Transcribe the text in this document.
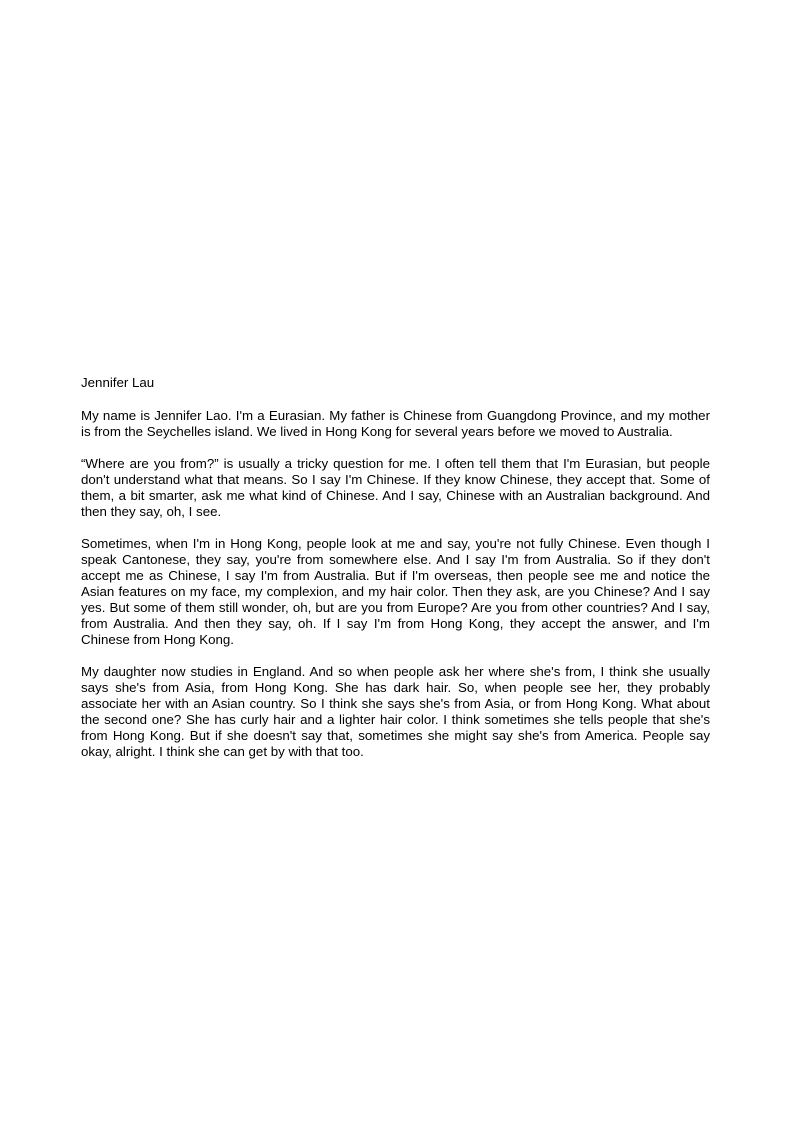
Jennifer Lau

My name is Jennifer Lao. I'm a Eurasian. My father is Chinese from Guangdong Province, and my mother is from the Seychelles island. We lived in Hong Kong for several years before we moved to Australia.

“Where are you from?” is usually a tricky question for me. I often tell them that I'm Eurasian, but people don't understand what that means. So I say I'm Chinese. If they know Chinese, they accept that. Some of them, a bit smarter, ask me what kind of Chinese. And I say, Chinese with an Australian background. And then they say, oh, I see.

Sometimes, when I'm in Hong Kong, people look at me and say, you're not fully Chinese. Even though I speak Cantonese, they say, you're from somewhere else. And I say I'm from Australia. So if they don't accept me as Chinese, I say I'm from Australia. But if I'm overseas, then people see me and notice the Asian features on my face, my complexion, and my hair color. Then they ask, are you Chinese? And I say yes. But some of them still wonder, oh, but are you from Europe? Are you from other countries? And I say, from Australia. And then they say, oh. If I say I'm from Hong Kong, they accept the answer, and I'm Chinese from Hong Kong.

My daughter now studies in England. And so when people ask her where she's from, I think she usually says she's from Asia, from Hong Kong. She has dark hair. So, when people see her, they probably associate her with an Asian country. So I think she says she's from Asia, or from Hong Kong. What about the second one? She has curly hair and a lighter hair color. I think sometimes she tells people that she's from Hong Kong. But if she doesn't say that, sometimes she might say she's from America. People say okay, alright. I think she can get by with that too.
